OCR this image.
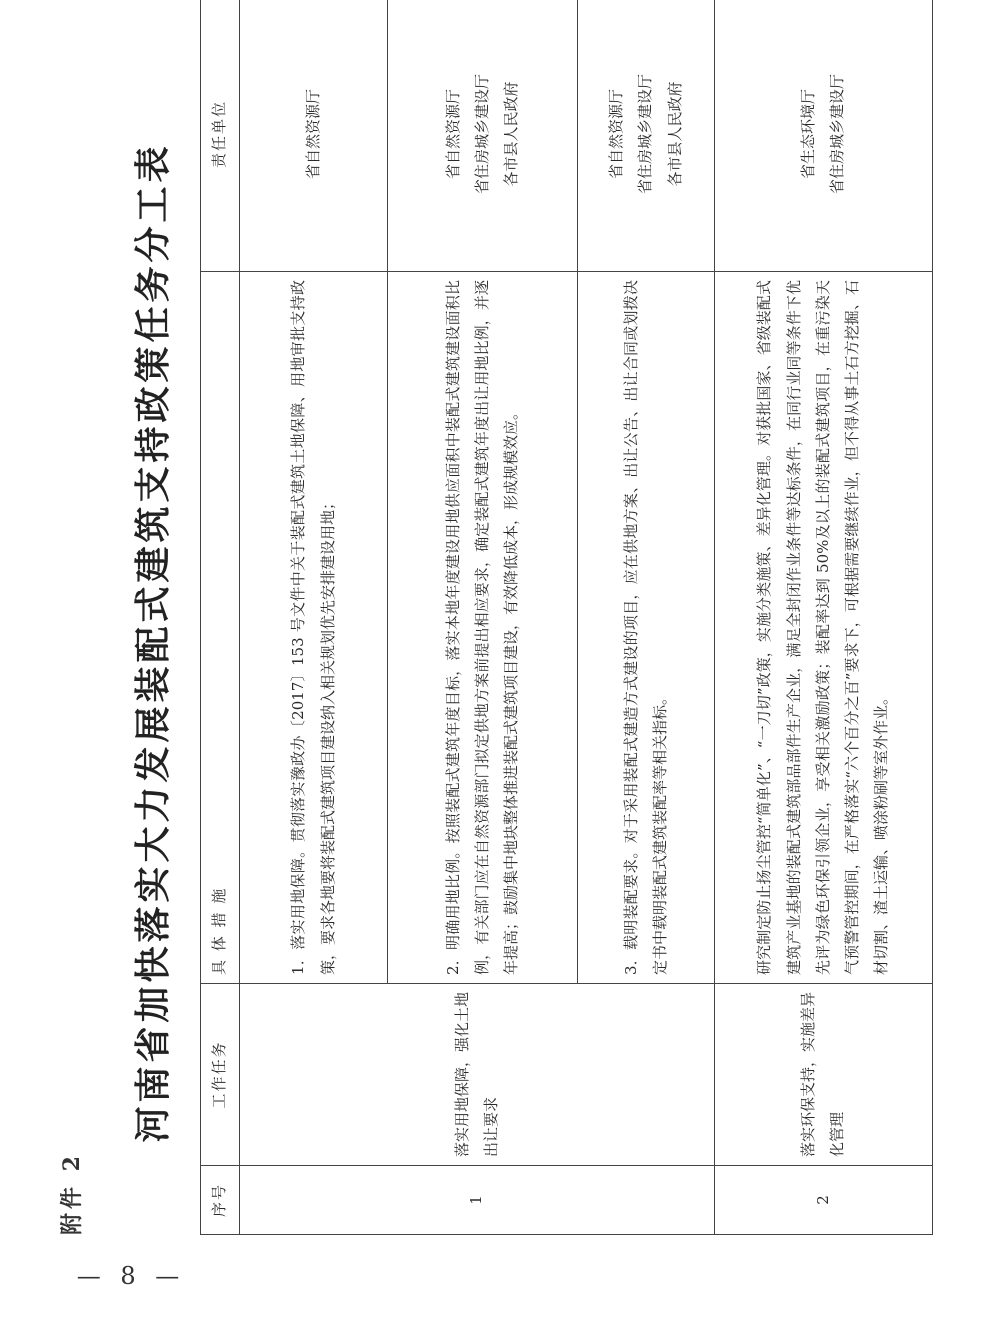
— 8 —
附件 2
河南省加快落实大力发展装配式建筑支持政策任务分工表
序号	工作任务	具 体 措 施	责任单位
1	落实用地保障，强化土地出让要求	1．落实用地保障。贯彻落实豫政办〔2017〕153 号文件中关于装配式建筑土地保障、用地审批支持政策，要求各地要将装配式建筑项目建设纳入相关规划优先安排建设用地；	省自然资源厅

		2．明确用地比例。按照装配式建筑年度目标，落实本地年度建设用地供应面积中装配式建筑建设面积比例，有关部门应在自然资源部门拟定供地方案前提出相应要求，确定装配式建筑年度出让用地比例，并逐年提高；鼓励集中地块整体推进装配式建筑项目建设，有效降低成本，形成规模效应。	省自然资源厅 省住房城乡建设厅 各市县人民政府

		3．载明装配要求。对于采用装配式建造方式建设的项目，应在供地方案、出让公告、出让合同或划拨决定书中载明装配式建筑装配率等相关指标。	省自然资源厅 省住房城乡建设厅 各市县人民政府

2	落实环保支持，实施差异化管理	研究制定防止扬尘管控“简单化”、“一刀切”政策，实施分类施策、差异化管理。对获批国家、省级装配式建筑产业基地的装配式建筑部品部件生产企业，满足全封闭作业条件等达标条件，在同行业同等条件下优先评为绿色环保引领企业，享受相关激励政策；装配率达到 50%及以上的装配式建筑项目，在重污染天气预警管控期间，在严格落实“六个百分之百”要求下，可根据需要继续作业，但不得从事土石方挖掘、石材切割、渣土运输、喷涂粉刷等室外作业。	省生态环境厅 省住房城乡建设厅
